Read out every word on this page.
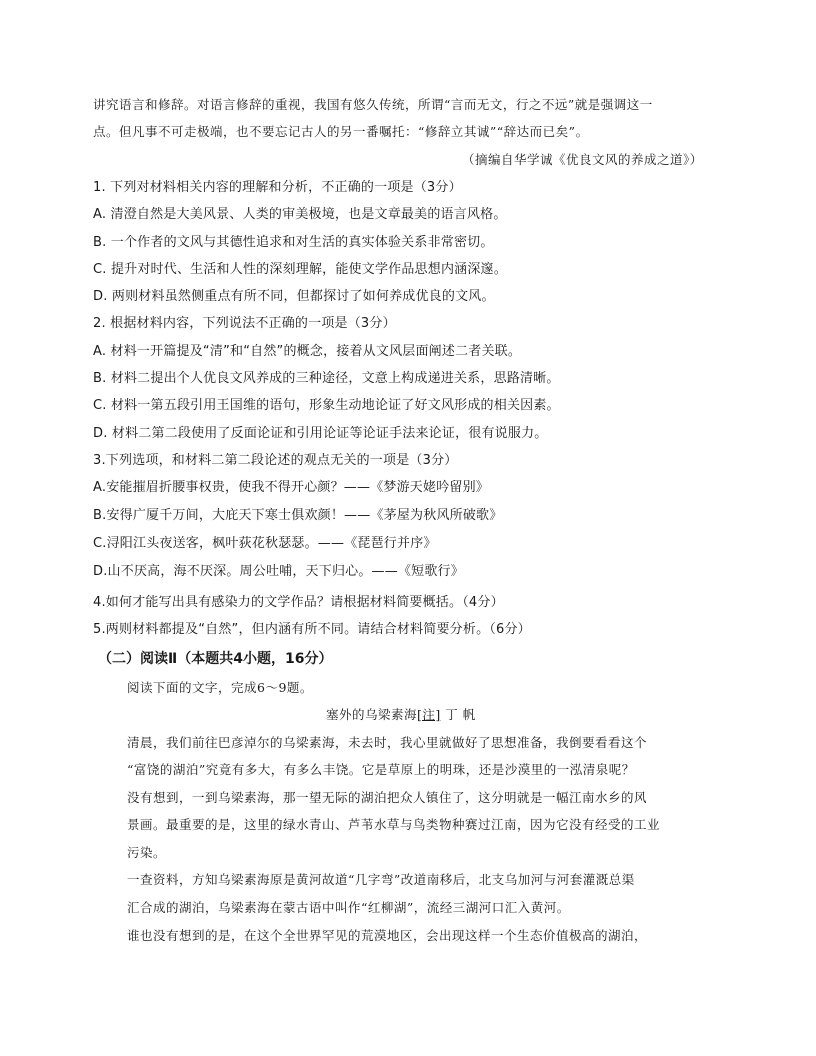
讲究语言和修辞。对语言修辞的重视，我国有悠久传统，所谓“言而无文，行之不远”就是强调这一
点。但凡事不可走极端，也不要忘记古人的另一番嘱托：“修辞立其诚”“辞达而已矣”。
（摘编自华学诚《优良文风的养成之道》）
1. 下列对材料相关内容的理解和分析，不正确的一项是（3分）
A. 清澄自然是大美风景、人类的审美极境，也是文章最美的语言风格。
B. 一个作者的文风与其德性追求和对生活的真实体验关系非常密切。
C. 提升对时代、生活和人性的深刻理解，能使文学作品思想内涵深邃。
D. 两则材料虽然侧重点有所不同，但都探讨了如何养成优良的文风。
2. 根据材料内容，下列说法不正确的一项是（3分）
A. 材料一开篇提及“清”和“自然”的概念，接着从文风层面阐述二者关联。
B. 材料二提出个人优良文风养成的三种途径，文意上构成递进关系，思路清晰。
C. 材料一第五段引用王国维的语句，形象生动地论证了好文风形成的相关因素。
D. 材料二第二段使用了反面论证和引用论证等论证手法来论证，很有说服力。
3.下列选项，和材料二第二段论述的观点无关的一项是（3分）
A.安能摧眉折腰事权贵，使我不得开心颜？——《梦游天姥吟留别》
B.安得广厦千万间，大庇天下寒士俱欢颜！——《茅屋为秋风所破歌》
C.浔阳江头夜送客，枫叶荻花秋瑟瑟。——《琵琶行并序》
D.山不厌高，海不厌深。周公吐哺，天下归心。——《短歌行》
4.如何才能写出具有感染力的文学作品？请根据材料简要概括。（4分）
5.两则材料都提及“自然”，但内涵有所不同。请结合材料简要分析。（6分）
（二）阅读Ⅱ（本题共4小题，16分）
阅读下面的文字，完成6～9题。
塞外的乌梁素海[注] 丁 帆
清晨，我们前往巴彦淖尔的乌梁素海，未去时，我心里就做好了思想准备，我倒要看看这个
“富饶的湖泊”究竟有多大，有多么丰饶。它是草原上的明珠，还是沙漠里的一泓清泉呢？
没有想到，一到乌梁素海，那一望无际的湖泊把众人镇住了，这分明就是一幅江南水乡的风
景画。最重要的是，这里的绿水青山、芦苇水草与鸟类物种赛过江南，因为它没有经受的工业
污染。
一查资料，方知乌梁素海原是黄河故道“几字弯”改道南移后，北支乌加河与河套灌溉总渠
汇合成的湖泊，乌梁素海在蒙古语中叫作“红柳湖”，流经三湖河口汇入黄河。
谁也没有想到的是，在这个全世界罕见的荒漠地区，会出现这样一个生态价值极高的湖泊，
